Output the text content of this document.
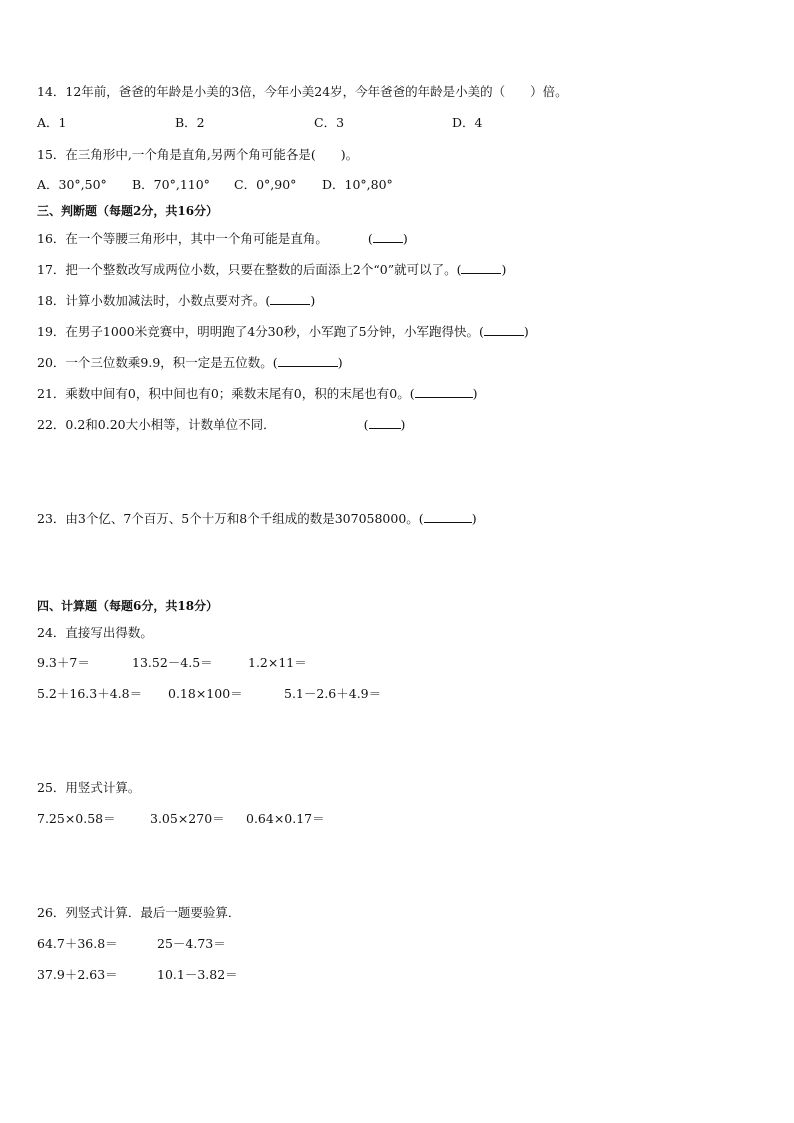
14．12年前，爸爸的年龄是小美的3倍，今年小美24岁，今年爸爸的年龄是小美的（　　）倍。
A．1	B．2	C．3	D．4
15．在三角形中,一个角是直角,另两个角可能各是(　　)。
A．30°,50° B．70°,110° C．0°,90° D．10°,80°
三、判断题（每题2分，共16分）
16．在一个等腰三角形中，其中一个角可能是直角。	( )
17．把一个整数改写成两位小数，只要在整数的后面添上2个“0”就可以了。(	)
18．计算小数加减法时，小数点要对齐。(	)
19．在男子1000米竞赛中，明明跑了4分30秒，小军跑了5分钟，小军跑得快。(	)
20．一个三位数乘9.9，积一定是五位数。(	)
21．乘数中间有0，积中间也有0；乘数末尾有0，积的末尾也有0。(	)
22．0.2和0.20大小相等，计数单位不同．	(	)
23．由3个亿、7个百万、5个十万和8个千组成的数是307058000。(	)
四、计算题（每题6分，共18分）
24．直接写出得数。
9.3＋7＝	13.52－4.5＝	1.2×11＝
5.2＋16.3＋4.8＝ 0.18×100＝	5.1－2.6＋4.9＝
25．用竖式计算。
7.25×0.58＝	3.05×270＝ 0.64×0.17＝
26．列竖式计算．最后一题要验算．
64.7＋36.8＝	25－4.73＝
37.9＋2.63＝	10.1－3.82＝
